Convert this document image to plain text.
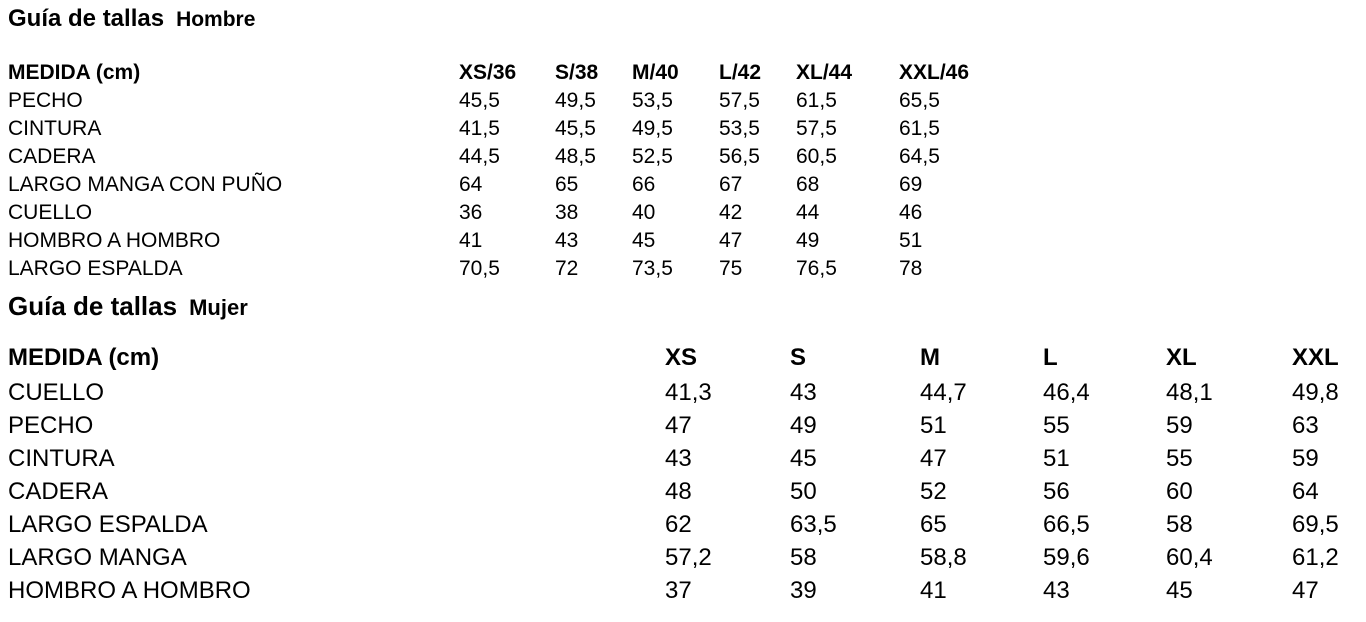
Guía de tallas Hombre
MEDIDA (cm)	XS/36	S/38	M/40	L/42	XL/44	XXL/46
PECHO	45,5	49,5	53,5	57,5	61,5	65,5
CINTURA	41,5	45,5	49,5	53,5	57,5	61,5
CADERA	44,5	48,5	52,5	56,5	60,5	64,5
LARGO MANGA CON PUÑO	64	65	66	67	68	69
CUELLO	36	38	40	42	44	46
HOMBRO A HOMBRO	41	43	45	47	49	51
LARGO ESPALDA	70,5	72	73,5	75	76,5	78
Guía de tallas Mujer
MEDIDA (cm)	XS	S	M	L	XL	XXL
CUELLO	41,3	43	44,7	46,4	48,1	49,8
PECHO	47	49	51	55	59	63
CINTURA	43	45	47	51	55	59
CADERA	48	50	52	56	60	64
LARGO ESPALDA	62	63,5	65	66,5	58	69,5
LARGO MANGA	57,2	58	58,8	59,6	60,4	61,2
HOMBRO A HOMBRO	37	39	41	43	45	47
